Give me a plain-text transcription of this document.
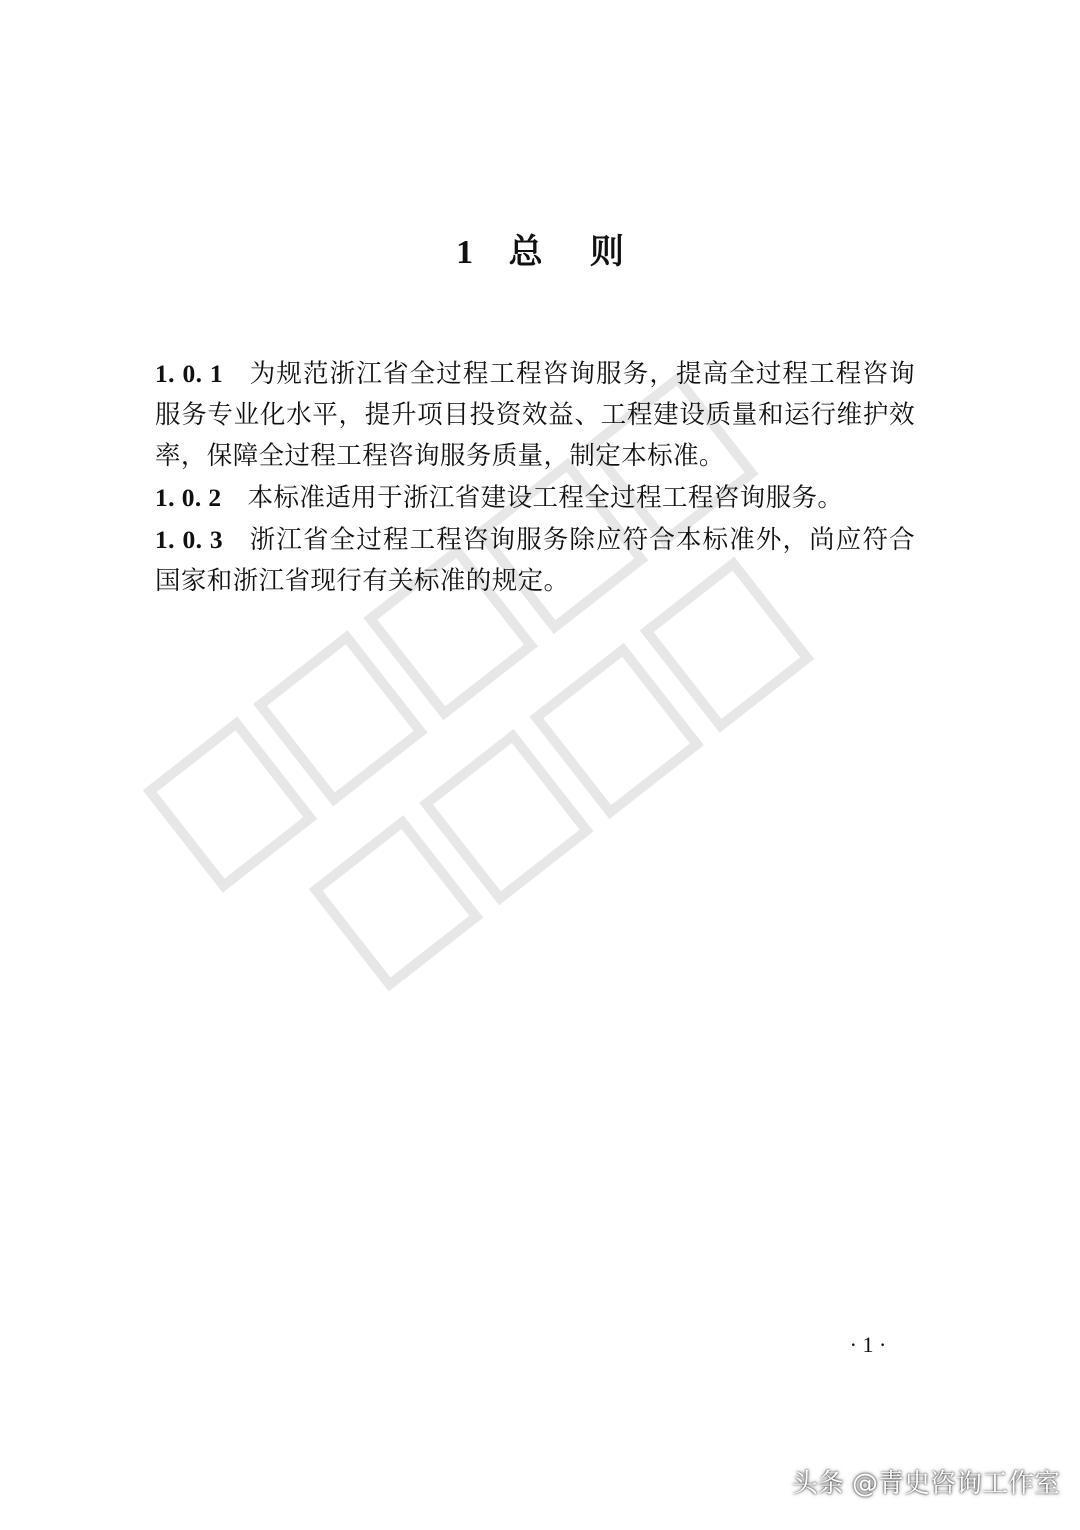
1 总    则

1. 0. 1 为规范浙江省全过程工程咨询服务，提高全过程工程咨询服务专业化水平，提升项目投资效益、工程建设质量和运行维护效率，保障全过程工程咨询服务质量，制定本标准。

1. 0. 2 本标准适用于浙江省建设工程全过程工程咨询服务。

1. 0. 3 浙江省全过程工程咨询服务除应符合本标准外，尚应符合国家和浙江省现行有关标准的规定。

· 1 ·
头条 @青史咨询工作室
